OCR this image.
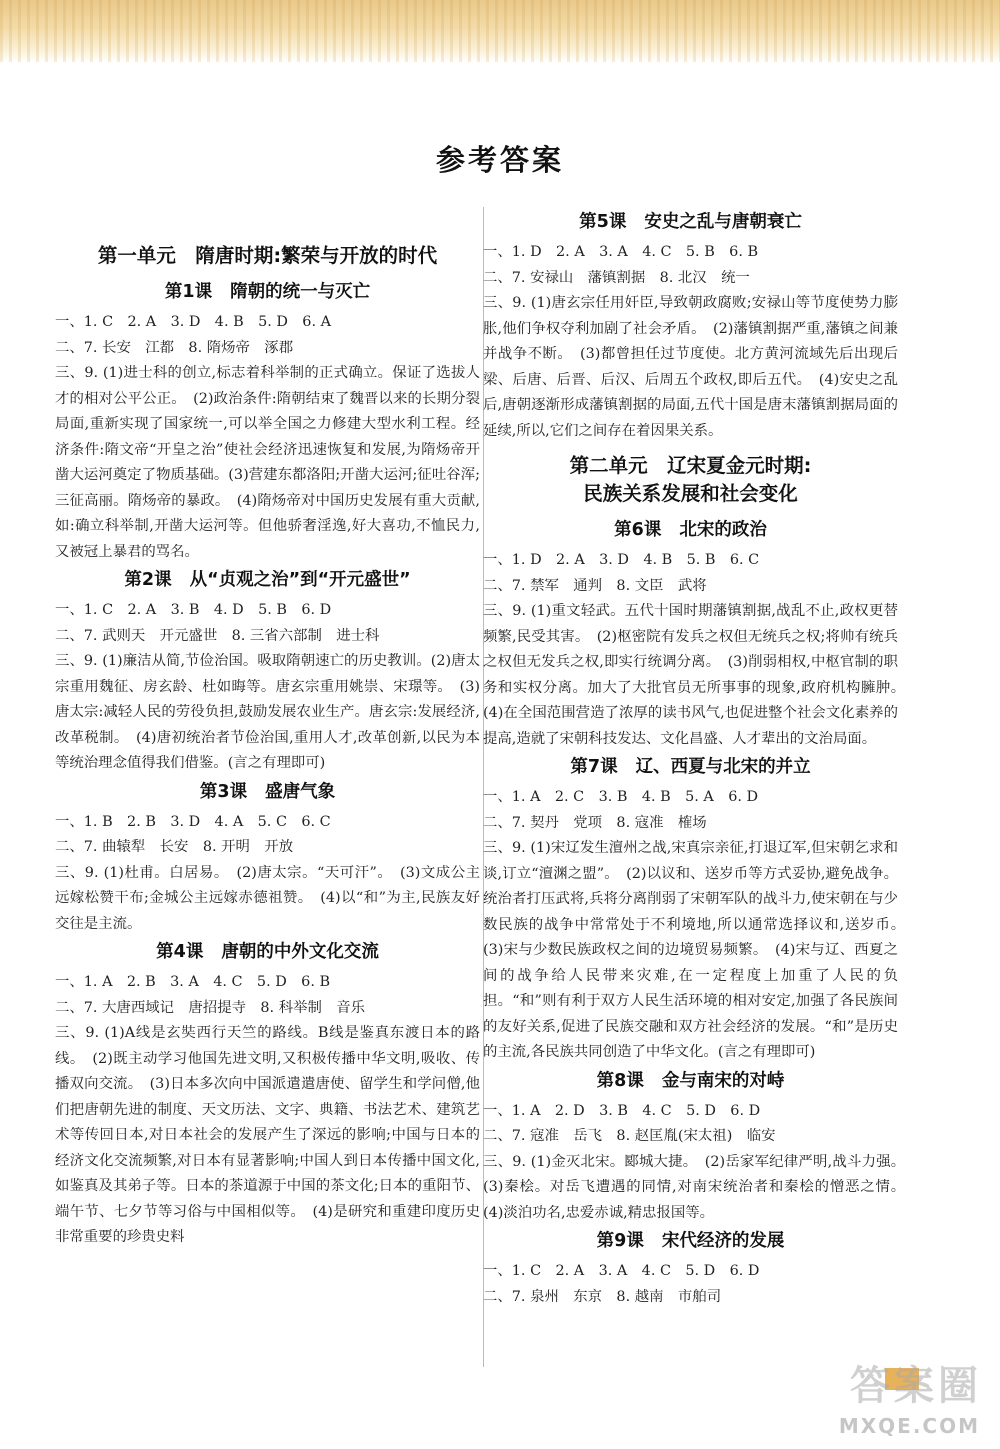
参考答案
第一单元　隋唐时期:繁荣与开放的时代
第1课 隋朝的统一与灭亡

一、1. C　2. A　3. D　4. B　5. D　6. A

二、7. 长安　江都　8. 隋炀帝　涿郡

三、9. (1)进士科的创立,标志着科举制的正式确立。保证了选拔人才的相对公平公正。　(2)政治条件:隋朝结束了魏晋以来的长期分裂局面,重新实现了国家统一,可以举全国之力修建大型水利工程。经济条件:隋文帝“开皇之治”使社会经济迅速恢复和发展,为隋炀帝开凿大运河奠定了物质基础。(3)营建东都洛阳;开凿大运河;征吐谷浑;三征高丽。隋炀帝的暴政。　(4)隋炀帝对中国历史发展有重大贡献,如:确立科举制,开凿大运河等。但他骄奢淫逸,好大喜功,不恤民力,又被冠上暴君的骂名。

第2课 从“贞观之治”到“开元盛世”

一、1. C　2. A　3. B　4. D　5. B　6. D

二、7. 武则天　开元盛世　8. 三省六部制　进士科

三、9. (1)廉洁从简,节俭治国。吸取隋朝速亡的历史教训。(2)唐太宗重用魏征、房玄龄、杜如晦等。唐玄宗重用姚崇、宋璟等。　(3)唐太宗:减轻人民的劳役负担,鼓励发展农业生产。唐玄宗:发展经济,改革税制。　(4)唐初统治者节俭治国,重用人才,改革创新,以民为本等统治理念值得我们借鉴。(言之有理即可)

第3课 盛唐气象

一、1. B　2. B　3. D　4. A　5. C　6. C

二、7. 曲辕犁　长安　8. 开明　开放

三、9. (1)杜甫。白居易。　(2)唐太宗。“天可汗”。　(3)文成公主远嫁松赞干布;金城公主远嫁赤德祖赞。　(4)以“和”为主,民族友好交往是主流。

第4课 唐朝的中外文化交流

一、1. A　2. B　3. A　4. C　5. D　6. B

二、7. 大唐西域记　唐招提寺　8. 科举制　音乐

三、9. (1)A线是玄奘西行天竺的路线。B线是鉴真东渡日本的路线。　(2)既主动学习他国先进文明,又积极传播中华文明,吸收、传播双向交流。　(3)日本多次向中国派遣遣唐使、留学生和学问僧,他们把唐朝先进的制度、天文历法、文字、典籍、书法艺术、建筑艺术等传回日本,对日本社会的发展产生了深远的影响;中国与日本的经济文化交流频繁,对日本有显著影响;中国人到日本传播中国文化,如鉴真及其弟子等。日本的茶道源于中国的茶文化;日本的重阳节、端午节、七夕节等习俗与中国相似等。　(4)是研究和重建印度历史非常重要的珍贵史料

第5课 安史之乱与唐朝衰亡

一、1. D　2. A　3. A　4. C　5. B　6. B

二、7. 安禄山　藩镇割据　8. 北汉　统一

三、9. (1)唐玄宗任用奸臣,导致朝政腐败;安禄山等节度使势力膨胀,他们争权夺利加剧了社会矛盾。　(2)藩镇割据严重,藩镇之间兼并战争不断。　(3)都曾担任过节度使。北方黄河流域先后出现后梁、后唐、后晋、后汉、后周五个政权,即后五代。　(4)安史之乱后,唐朝逐渐形成藩镇割据的局面,五代十国是唐末藩镇割据局面的延续,所以,它们之间存在着因果关系。

第二单元　辽宋夏金元时期:
民族关系发展和社会变化
第6课 北宋的政治

一、1. D　2. A　3. D　4. B　5. B　6. C

二、7. 禁军　通判　8. 文臣　武将

三、9. (1)重文轻武。五代十国时期藩镇割据,战乱不止,政权更替频繁,民受其害。　(2)枢密院有发兵之权但无统兵之权;将帅有统兵之权但无发兵之权,即实行统调分离。　(3)削弱相权,中枢官制的职务和实权分离。加大了大批官员无所事事的现象,政府机构臃肿。　(4)在全国范围营造了浓厚的读书风气,也促进整个社会文化素养的提高,造就了宋朝科技发达、文化昌盛、人才辈出的文治局面。

第7课 辽、西夏与北宋的并立

一、1. A　2. C　3. B　4. B　5. A　6. D

二、7. 契丹　党项　8. 寇准　榷场

三、9. (1)宋辽发生澶州之战,宋真宗亲征,打退辽军,但宋朝乞求和谈,订立“澶渊之盟”。　(2)以议和、送岁币等方式妥协,避免战争。统治者打压武将,兵将分离削弱了宋朝军队的战斗力,使宋朝在与少数民族的战争中常常处于不利境地,所以通常选择议和,送岁币。　(3)宋与少数民族政权之间的边境贸易频繁。　(4)宋与辽、西夏之间的战争给人民带来灾难,在一定程度上加重了人民的负担。“和”则有利于双方人民生活环境的相对安定,加强了各民族间的友好关系,促进了民族交融和双方社会经济的发展。“和”是历史的主流,各民族共同创造了中华文化。(言之有理即可)

第8课 金与南宋的对峙

一、1. A　2. D　3. B　4. C　5. D　6. D

二、7. 寇准　岳飞　8. 赵匡胤(宋太祖)　临安

三、9. (1)金灭北宋。郾城大捷。　(2)岳家军纪律严明,战斗力强。　(3)秦桧。对岳飞遭遇的同情,对南宋统治者和秦桧的憎恶之情。　(4)淡泊功名,忠爱赤诚,精忠报国等。

第9课 宋代经济的发展

一、1. C　2. A　3. A　4. C　5. D　6. D

二、7. 泉州　东京　8. 越南　市舶司

答案圈
MXQE.COM
